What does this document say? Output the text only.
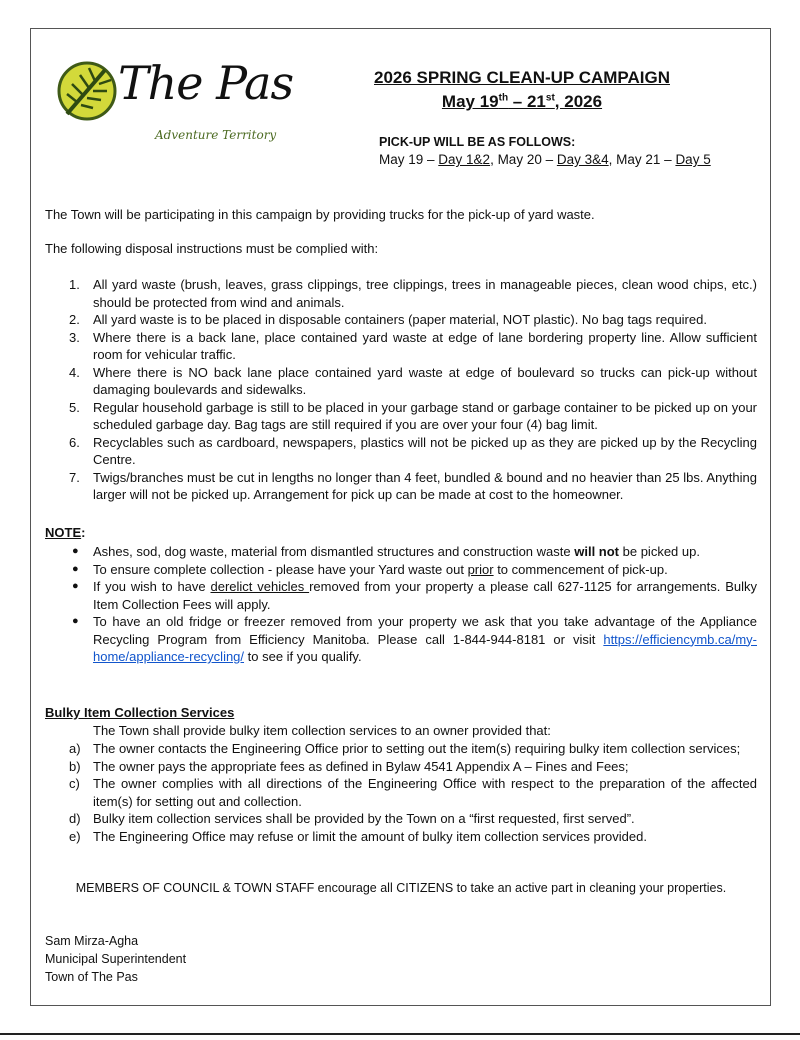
The Pas
Adventure Territory
2026 SPRING CLEAN-UP CAMPAIGN
May 19th – 21st, 2026
PICK-UP WILL BE AS FOLLOWS:
May 19 – Day 1&2, May 20 – Day 3&4, May 21 – Day 5
The Town will be participating in this campaign by providing trucks for the pick-up of yard waste.
The following disposal instructions must be complied with:
1. All yard waste (brush, leaves, grass clippings, tree clippings, trees in manageable pieces, clean wood chips, etc.) should be protected from wind and animals.
2. All yard waste is to be placed in disposable containers (paper material, NOT plastic). No bag tags required.
3. Where there is a back lane, place contained yard waste at edge of lane bordering property line. Allow sufficient room for vehicular traffic.
4. Where there is NO back lane place contained yard waste at edge of boulevard so trucks can pick-up without damaging boulevards and sidewalks.
5. Regular household garbage is still to be placed in your garbage stand or garbage container to be picked up on your scheduled garbage day. Bag tags are still required if you are over your four (4) bag limit.
6. Recyclables such as cardboard, newspapers, plastics will not be picked up as they are picked up by the Recycling Centre.
7. Twigs/branches must be cut in lengths no longer than 4 feet, bundled & bound and no heavier than 25 lbs. Anything larger will not be picked up. Arrangement for pick up can be made at cost to the homeowner.
NOTE:
● Ashes, sod, dog waste, material from dismantled structures and construction waste will not be picked up.
● To ensure complete collection - please have your Yard waste out prior to commencement of pick-up.
● If you wish to have derelict vehicles removed from your property a please call 627-1125 for arrangements. Bulky Item Collection Fees will apply.
● To have an old fridge or freezer removed from your property we ask that you take advantage of the Appliance Recycling Program from Efficiency Manitoba. Please call 1-844-944-8181 or visit https://efficiencymb.ca/my-home/appliance-recycling/ to see if you qualify.
Bulky Item Collection Services
The Town shall provide bulky item collection services to an owner provided that:
a) The owner contacts the Engineering Office prior to setting out the item(s) requiring bulky item collection services;
b) The owner pays the appropriate fees as defined in Bylaw 4541 Appendix A – Fines and Fees;
c) The owner complies with all directions of the Engineering Office with respect to the preparation of the affected item(s) for setting out and collection.
d) Bulky item collection services shall be provided by the Town on a “first requested, first served”.
e) The Engineering Office may refuse or limit the amount of bulky item collection services provided.
MEMBERS OF COUNCIL & TOWN STAFF encourage all CITIZENS to take an active part in cleaning your properties.
Sam Mirza-Agha
Municipal Superintendent
Town of The Pas
